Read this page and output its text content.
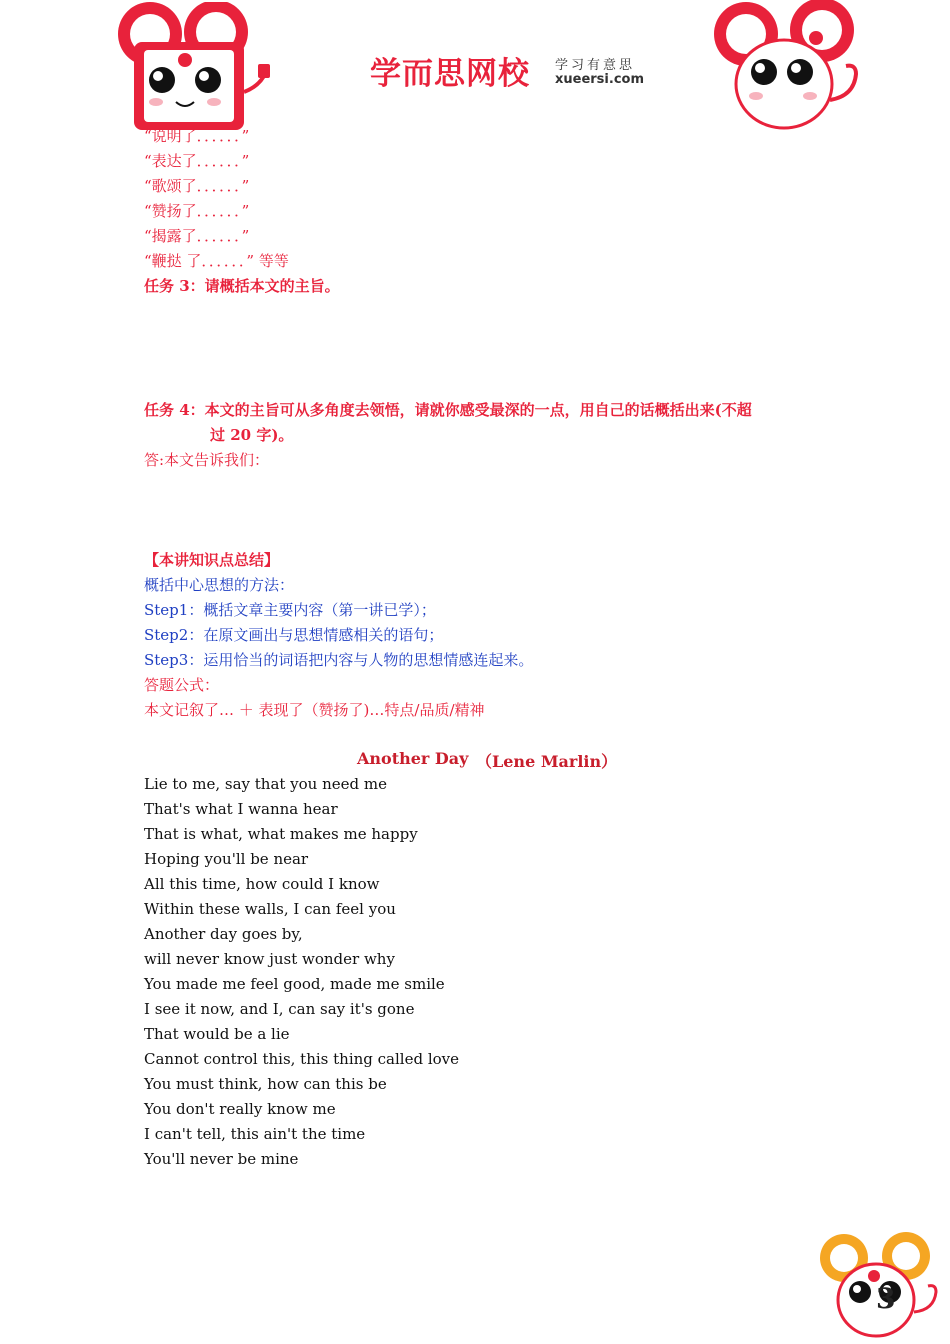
学而思网校 学习有意思
xueersi.com
“说明了．．．．．．”
“表达了．．．．．．”
“歌颂了．．．．．．”
“赞扬了．．．．．．”
“揭露了．．．．．．”
“鞭挞 了．．．．．．” 等等
任务 3：请概括本文的主旨。
任务 4：本文的主旨可从多角度去领悟，请就你感受最深的一点，用自己的话概括出来(不超
过 20 字)。
答:本文告诉我们：
【本讲知识点总结】
概括中心思想的方法：
Step1：概括文章主要内容（第一讲已学）；
Step2：在原文画出与思想情感相关的语句；
Step3：运用恰当的词语把内容与人物的思想情感连起来。
答题公式：
本文记叙了… ＋ 表现了（赞扬了)…特点/品质/精神
Another Day （Lene Marlin）
Lie to me, say that you need me
That's what I wanna hear
That is what, what makes me happy
Hoping you'll be near
All this time, how could I know
Within these walls, I can feel you
Another day goes by,
will never know just wonder why
You made me feel good, made me smile
I see it now, and I, can say it's gone
That would be a lie
Cannot control this, this thing called love
You must think, how can this be
You don't really know me
I can't tell, this ain't the time
You'll never be mine
3
